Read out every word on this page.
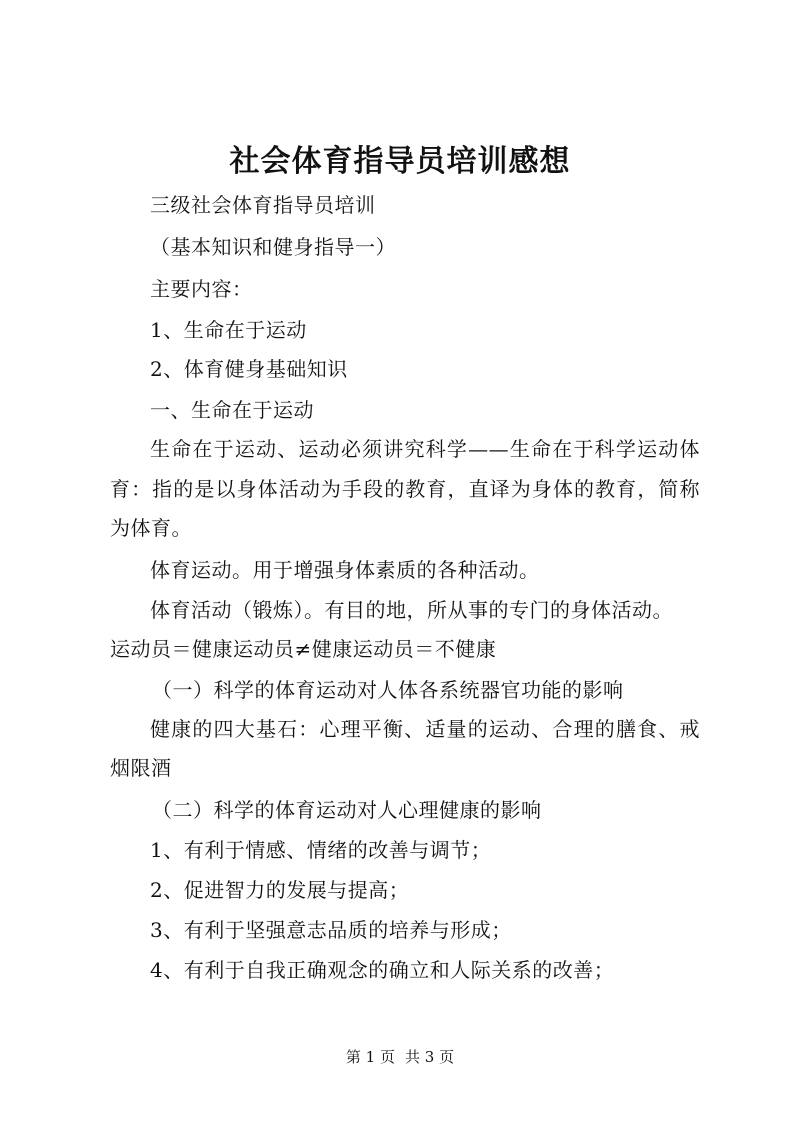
社会体育指导员培训感想
三级社会体育指导员培训
（基本知识和健身指导一）
主要内容：
1、生命在于运动
2、体育健身基础知识
一、生命在于运动
生命在于运动、运动必须讲究科学——生命在于科学运动体
育：指的是以身体活动为手段的教育，直译为身体的教育，简称
为体育。
体育运动。用于增强身体素质的各种活动。
体育活动（锻炼）。有目的地，所从事的专门的身体活动。
运动员＝健康运动员≠健康运动员＝不健康
（一）科学的体育运动对人体各系统器官功能的影响
健康的四大基石：心理平衡、适量的运动、合理的膳食、戒
烟限酒
（二）科学的体育运动对人心理健康的影响
1、有利于情感、情绪的改善与调节；
2、促进智力的发展与提高；
3、有利于坚强意志品质的培养与形成；
4、有利于自我正确观念的确立和人际关系的改善；
第 1 页 共 3 页
